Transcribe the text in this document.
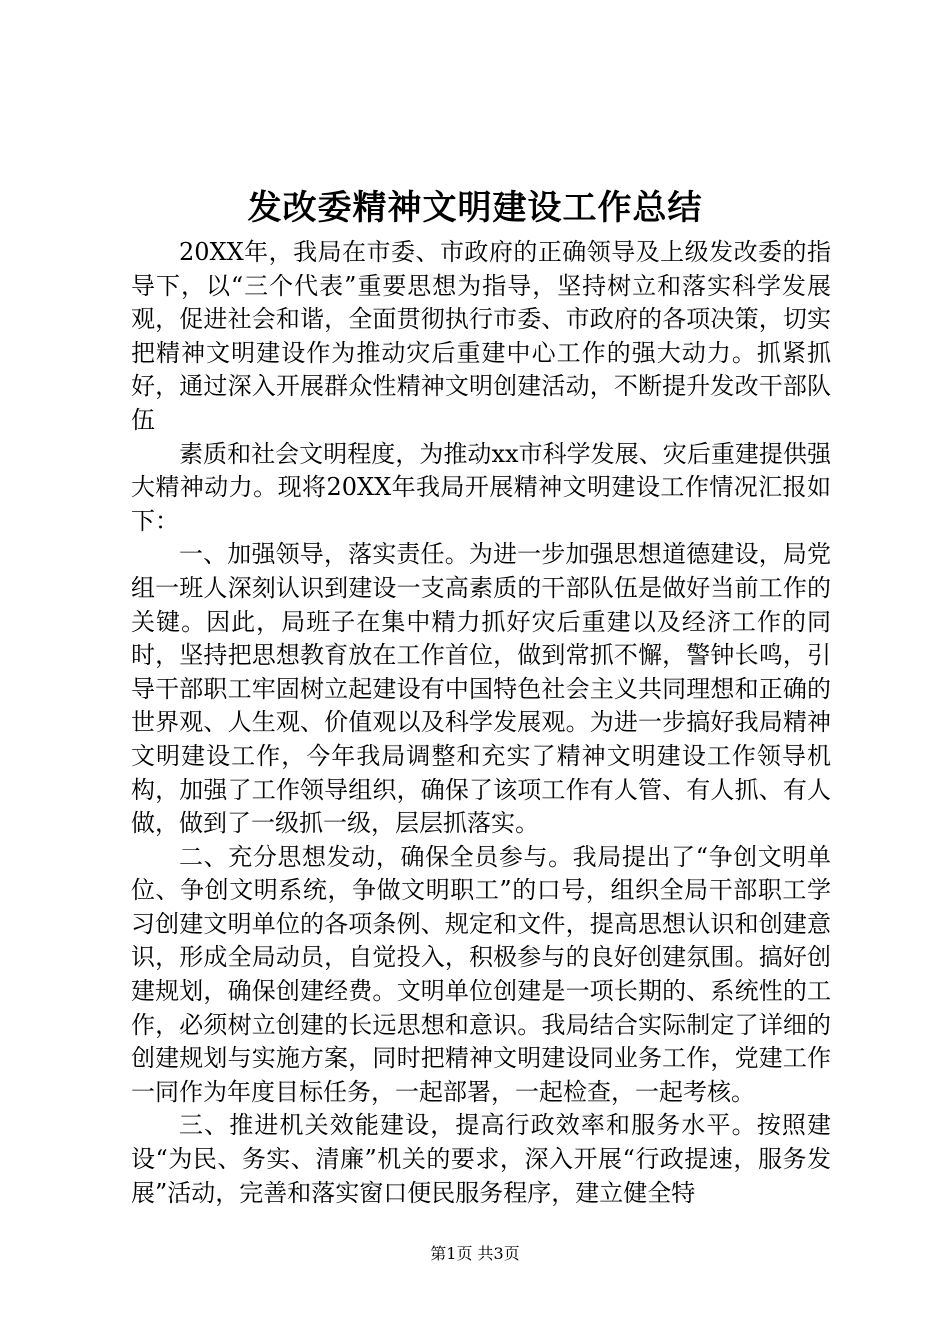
发改委精神文明建设工作总结

20XX年，我局在市委、市政府的正确领导及上级发改委的指导下，以“三个代表”重要思想为指导，坚持树立和落实科学发展观，促进社会和谐，全面贯彻执行市委、市政府的各项决策，切实把精神文明建设作为推动灾后重建中心工作的强大动力。抓紧抓好，通过深入开展群众性精神文明创建活动，不断提升发改干部队伍

素质和社会文明程度，为推动xx市科学发展、灾后重建提供强大精神动力。现将20XX年我局开展精神文明建设工作情况汇报如下：

一、加强领导，落实责任。为进一步加强思想道德建设，局党组一班人深刻认识到建设一支高素质的干部队伍是做好当前工作的关键。因此，局班子在集中精力抓好灾后重建以及经济工作的同时，坚持把思想教育放在工作首位，做到常抓不懈，警钟长鸣，引导干部职工牢固树立起建设有中国特色社会主义共同理想和正确的世界观、人生观、价值观以及科学发展观。为进一步搞好我局精神文明建设工作，今年我局调整和充实了精神文明建设工作领导机构，加强了工作领导组织，确保了该项工作有人管、有人抓、有人做，做到了一级抓一级，层层抓落实。

二、充分思想发动，确保全员参与。我局提出了“争创文明单位、争创文明系统，争做文明职工”的口号，组织全局干部职工学习创建文明单位的各项条例、规定和文件，提高思想认识和创建意识，形成全局动员，自觉投入，积极参与的良好创建氛围。搞好创建规划，确保创建经费。文明单位创建是一项长期的、系统性的工作，必须树立创建的长远思想和意识。我局结合实际制定了详细的创建规划与实施方案，同时把精神文明建设同业务工作，党建工作一同作为年度目标任务，一起部署，一起检查，一起考核。

三、推进机关效能建设，提高行政效率和服务水平。按照建设“为民、务实、清廉”机关的要求，深入开展“行政提速，服务发展”活动，完善和落实窗口便民服务程序，建立健全特

第1页 共3页
